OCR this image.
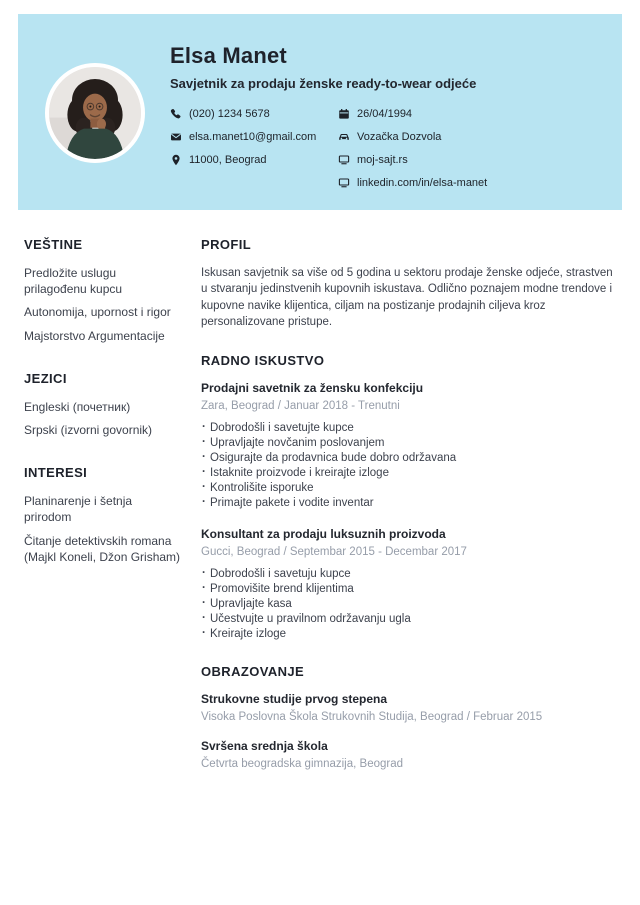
Elsa Manet
Savjetnik za prodaju ženske ready-to-wear odjeće
(020) 1234 5678
elsa.manet10@gmail.com
11000, Beograd
26/04/1994
Vozačka Dozvola
moj-sajt.rs
linkedin.com/in/elsa-manet
VEŠTINE
Predložite uslugu prilagođenu kupcu
Autonomija, upornost i rigor
Majstorstvo Argumentacije
JEZICI
Engleski (почетник)
Srpski (izvorni govornik)
INTERESI
Planinarenje i šetnja prirodom
Čitanje detektivskih romana (Majkl Koneli, Džon Grisham)
PROFIL

Iskusan savjetnik sa više od 5 godina u sektoru prodaje ženske odjeće, strastven u stvaranju jedinstvenih kupovnih iskustava. Odlično poznajem modne trendove i kupovne navike klijentica, ciljam na postizanje prodajnih ciljeva kroz personalizovane pristupe.

RADNO ISKUSTVO
Prodajni savetnik za žensku konfekciju
Zara, Beograd / Januar 2018 - Trenutni
· Dobrodošli i savetujte kupce
· Upravljajte novčanim poslovanjem
· Osigurajte da prodavnica bude dobro održavana
· Istaknite proizvode i kreirajte izloge
· Kontrolišite isporuke
· Primajte pakete i vodite inventar
Konsultant za prodaju luksuznih proizvoda
Gucci, Beograd / Septembar 2015 - Decembar 2017
· Dobrodošli i savetuju kupce
· Promovišite brend klijentima
· Upravljajte kasa
· Učestvujte u pravilnom održavanju ugla
· Kreirajte izloge
OBRAZOVANJE
Strukovne studije prvog stepena
Visoka Poslovna Škola Strukovnih Studija, Beograd / Februar 2015
Svršena srednja škola
Četvrta beogradska gimnazija, Beograd
